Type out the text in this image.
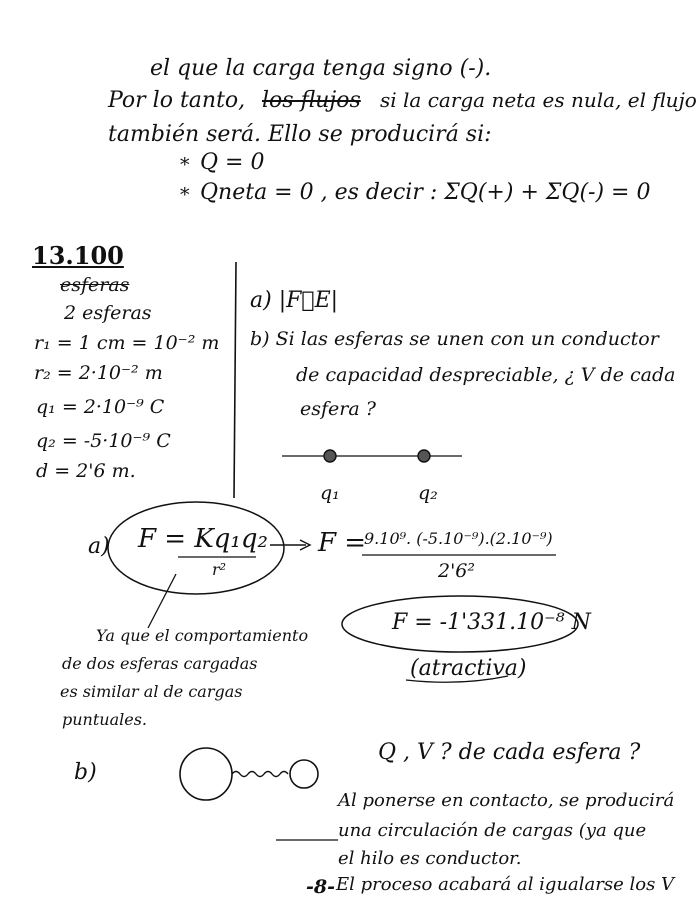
el que la carga tenga signo (-).
Por lo tanto, los flujos si la carga neta es nula, el flujo
también será. Ello se producirá si:
* Q = 0
* Qneta = 0 , es decir : ΣQ(+) + ΣQ(-) = 0
13.100
esferas
2 esferas
r₁ = 1 cm = 10⁻² m
r₂ = 2·10⁻² m
q₁ = 2·10⁻⁹ C
q₂ = -5·10⁻⁹ C
d = 2'6 m.
a) |F⃗E|
b) Si las esferas se unen con un conductor
de capacidad despreciable, ¿ V de cada
esfera ?
q₁	q₂
a) F = Kq₁q₂
r²
F =
9.10⁹. (-5.10⁻⁹).(2.10⁻⁹)
2'6²
F = -1'331.10⁻⁸ N
(atractiva)
Ya que el comportamiento
de dos esferas cargadas
es similar al de cargas
puntuales.
b)
Q , V ? de cada esfera ?
Al ponerse en contacto, se producirá
una circulación de cargas (ya que
el hilo es conductor.
El proceso acabará al igualarse los V
-8-
